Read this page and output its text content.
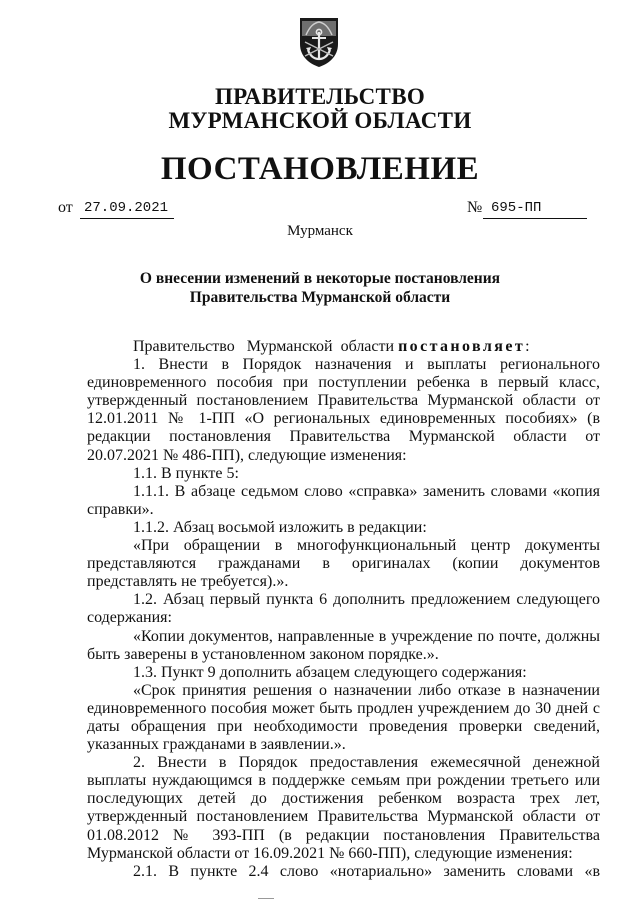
ПРАВИТЕЛЬСТВО
МУРМАНСКОЙ ОБЛАСТИ
ПОСТАНОВЛЕНИЕ
от 27.09.2021	№ 695-ПП
Мурманск
О внесении изменений в некоторые постановления
Правительства Мурманской области

Правительство   Мурманской  области постановляет:

1. Внести в Порядок назначения и выплаты регионального единовременного пособия при поступлении ребенка в первый класс, утвержденный постановлением Правительства Мурманской области от 12.01.2011 № 1-ПП «О региональных единовременных пособиях» (в редакции постановления Правительства Мурманской области от 20.07.2021 № 486-ПП), следующие изменения:

1.1. В пункте 5:

1.1.1. В абзаце седьмом слово «справка» заменить словами «копия справки».

1.1.2. Абзац восьмой изложить в редакции:

«При обращении в многофункциональный центр документы представляются гражданами в оригиналах (копии документов представлять не требуется).».

1.2. Абзац первый пункта 6 дополнить предложением следующего содержания:

«Копии документов, направленные в учреждение по почте, должны быть заверены в установленном законом порядке.».

1.3. Пункт 9 дополнить абзацем следующего содержания:

«Срок принятия решения о назначении либо отказе в назначении единовременного пособия может быть продлен учреждением до 30 дней с даты обращения при необходимости проведения проверки сведений, указанных гражданами в заявлении.».

2. Внести в Порядок предоставления ежемесячной денежной выплаты нуждающимся в поддержке семьям при рождении третьего или последующих детей до достижения ребенком возраста трех лет, утвержденный постановлением Правительства Мурманской области от 01.08.2012 № 393-ПП (в редакции постановления Правительства Мурманской области от 16.09.2021 № 660-ПП), следующие изменения:

2.1. В пункте 2.4 слово «нотариально» заменить словами «в
